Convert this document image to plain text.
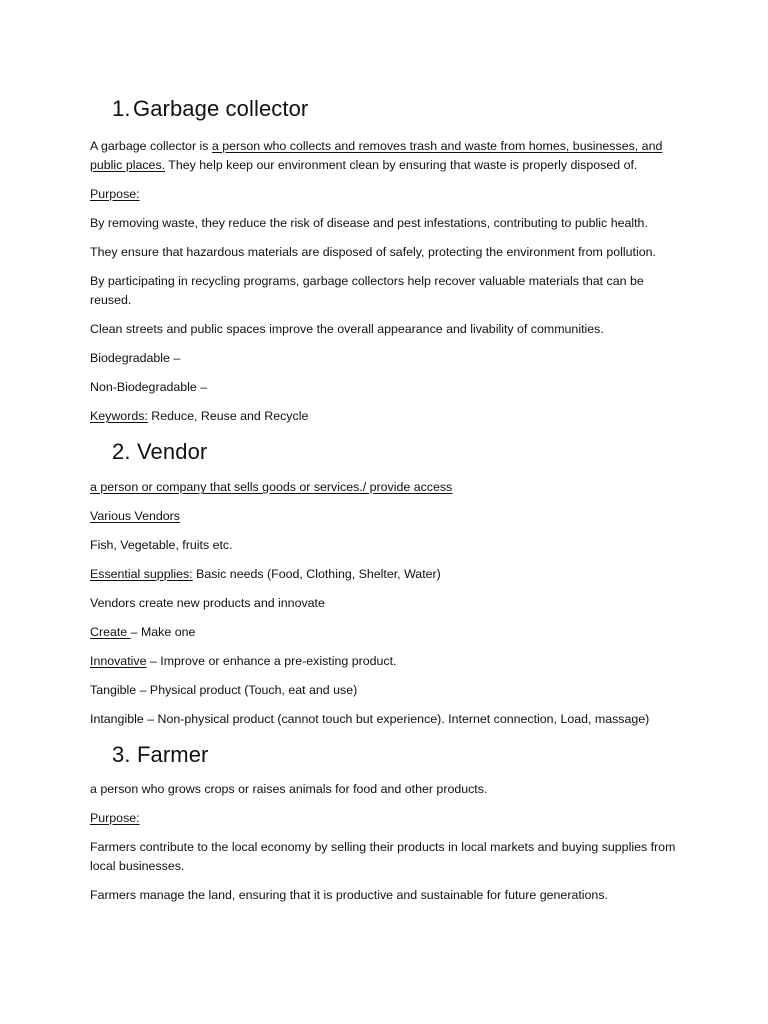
1. Garbage collector

A garbage collector is a person who collects and removes trash and waste from homes, businesses, and public places. They help keep our environment clean by ensuring that waste is properly disposed of.

Purpose:

By removing waste, they reduce the risk of disease and pest infestations, contributing to public health.

They ensure that hazardous materials are disposed of safely, protecting the environment from pollution.

By participating in recycling programs, garbage collectors help recover valuable materials that can be reused.

Clean streets and public spaces improve the overall appearance and livability of communities.

Biodegradable –

Non-Biodegradable –

Keywords: Reduce, Reuse and Recycle

2. Vendor

a person or company that sells goods or services./ provide access

Various Vendors

Fish, Vegetable, fruits etc.

Essential supplies: Basic needs (Food, Clothing, Shelter, Water)

Vendors create new products and innovate

Create – Make one

Innovative – Improve or enhance a pre-existing product.

Tangible – Physical product (Touch, eat and use)

Intangible – Non-physical product (cannot touch but experience). Internet connection, Load, massage)

3. Farmer

a person who grows crops or raises animals for food and other products.

Purpose:

Farmers contribute to the local economy by selling their products in local markets and buying supplies from local businesses.

Farmers manage the land, ensuring that it is productive and sustainable for future generations.
